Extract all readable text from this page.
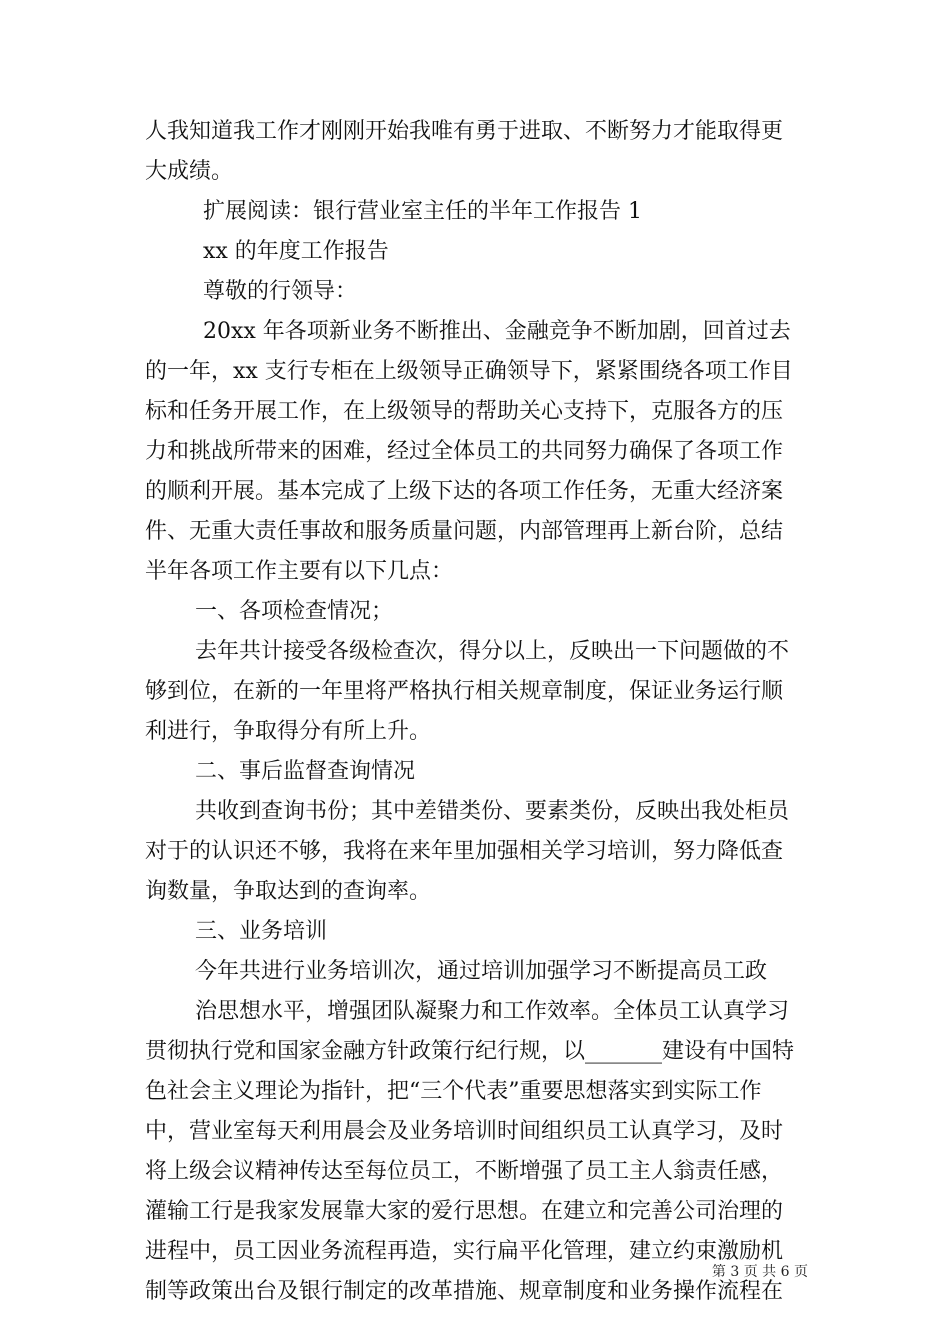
人我知道我工作才刚刚开始我唯有勇于进取、不断努力才能取得更
大成绩。
扩展阅读：银行营业室主任的半年工作报告 1
xx 的年度工作报告
尊敬的行领导：
20xx 年各项新业务不断推出、金融竞争不断加剧，回首过去
的一年，xx 支行专柜在上级领导正确领导下，紧紧围绕各项工作目
标和任务开展工作，在上级领导的帮助关心支持下，克服各方的压
力和挑战所带来的困难，经过全体员工的共同努力确保了各项工作
的顺利开展。基本完成了上级下达的各项工作任务，无重大经济案
件、无重大责任事故和服务质量问题，内部管理再上新台阶，总结
半年各项工作主要有以下几点：
一、各项检查情况；
去年共计接受各级检查次，得分以上，反映出一下问题做的不
够到位，在新的一年里将严格执行相关规章制度，保证业务运行顺
利进行，争取得分有所上升。
二、事后监督查询情况
共收到查询书份；其中差错类份、要素类份，反映出我处柜员
对于的认识还不够，我将在来年里加强相关学习培训，努力降低查
询数量，争取达到的查询率。
三、业务培训
今年共进行业务培训次，通过培训加强学习不断提高员工政
治思想水平，增强团队凝聚力和工作效率。全体员工认真学习
贯彻执行党和国家金融方针政策行纪行规，以_______建设有中国特
色社会主义理论为指针，把“三个代表”重要思想落实到实际工作
中，营业室每天利用晨会及业务培训时间组织员工认真学习，及时
将上级会议精神传达至每位员工，不断增强了员工主人翁责任感，
灌输工行是我家发展靠大家的爱行思想。在建立和完善公司治理的
进程中，员工因业务流程再造，实行扁平化管理，建立约束激励机
制等政策出台及银行制定的改革措施、规章制度和业务操作流程在
第 3 页 共 6 页
